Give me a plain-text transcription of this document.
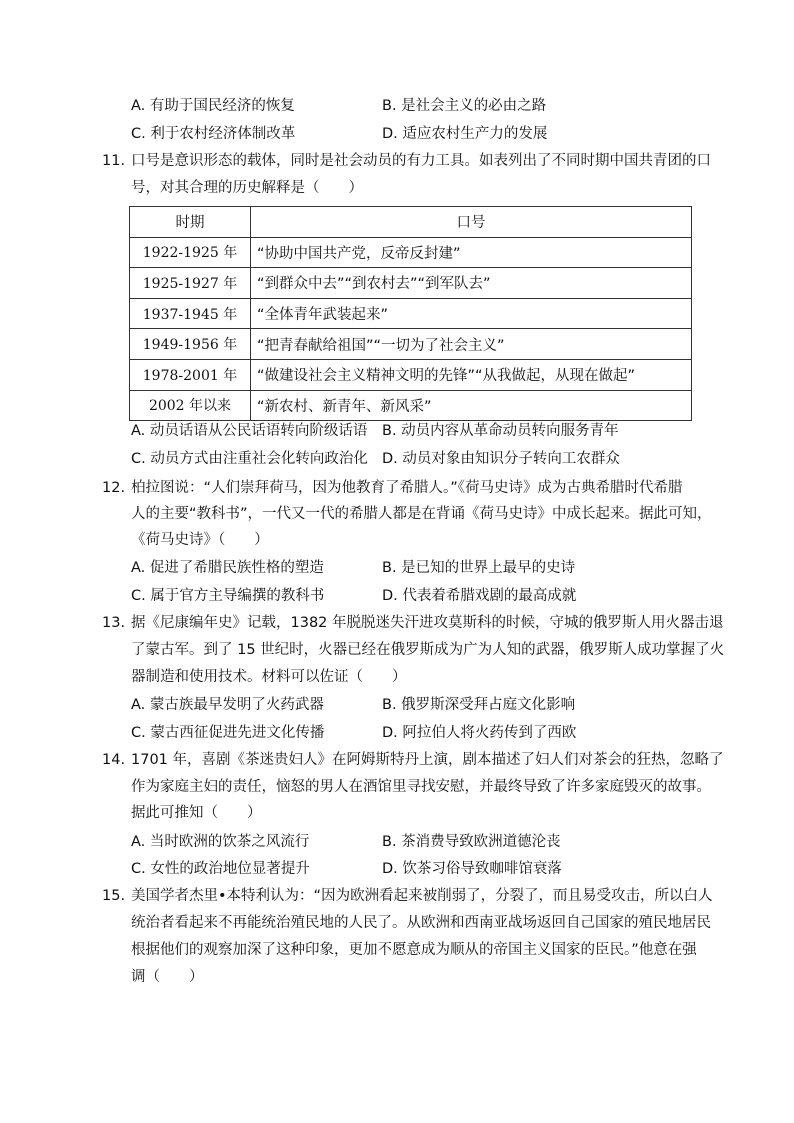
A. 有助于国民经济的恢复	B. 是社会主义的必由之路
C. 利于农村经济体制改革	D. 适应农村生产力的发展
11. 口号是意识形态的载体，同时是社会动员的有力工具。如表列出了不同时期中国共青团的口
号，对其合理的历史解释是（　　）
时期	口号
1922-1925 年	“协助中国共产党，反帝反封建”
1925-1927 年	“到群众中去”“到农村去”“到军队去”
1937-1945 年	“全体青年武装起来”
1949-1956 年	“把青春献给祖国”“一切为了社会主义”
1978-2001 年	“做建设社会主义精神文明的先锋”“从我做起，从现在做起”
2002 年以来	“新农村、新青年、新风采”
A. 动员话语从公民话语转向阶级话语 B. 动员内容从革命动员转向服务青年
C. 动员方式由注重社会化转向政治化 D. 动员对象由知识分子转向工农群众
12. 柏拉图说：“人们崇拜荷马，因为他教育了希腊人。”《荷马史诗》成为古典希腊时代希腊
人的主要“教科书”，一代又一代的希腊人都是在背诵《荷马史诗》中成长起来。据此可知，
《荷马史诗》（　　）
A. 促进了希腊民族性格的塑造	B. 是已知的世界上最早的史诗
C. 属于官方主导编撰的教科书	D. 代表着希腊戏剧的最高成就
13. 据《尼康编年史》记载，1382 年脱脱迷失汗进攻莫斯科的时候，守城的俄罗斯人用火器击退
了蒙古军。到了 15 世纪时，火器已经在俄罗斯成为广为人知的武器，俄罗斯人成功掌握了火
器制造和使用技术。材料可以佐证（　　）
A. 蒙古族最早发明了火药武器	B. 俄罗斯深受拜占庭文化影响
C. 蒙古西征促进先进文化传播	D. 阿拉伯人将火药传到了西欧
14. 1701 年，喜剧《茶迷贵妇人》在阿姆斯特丹上演，剧本描述了妇人们对茶会的狂热，忽略了
作为家庭主妇的责任，恼怒的男人在酒馆里寻找安慰，并最终导致了许多家庭毁灭的故事。
据此可推知（　　）
A. 当时欧洲的饮茶之风流行	B. 茶消费导致欧洲道德沦丧
C. 女性的政治地位显著提升	D. 饮茶习俗导致咖啡馆衰落
15. 美国学者杰里•本特利认为：“因为欧洲看起来被削弱了，分裂了，而且易受攻击，所以白人
统治者看起来不再能统治殖民地的人民了。从欧洲和西南亚战场返回自己国家的殖民地居民
根据他们的观察加深了这种印象，更加不愿意成为顺从的帝国主义国家的臣民。”他意在强
调（　　）
